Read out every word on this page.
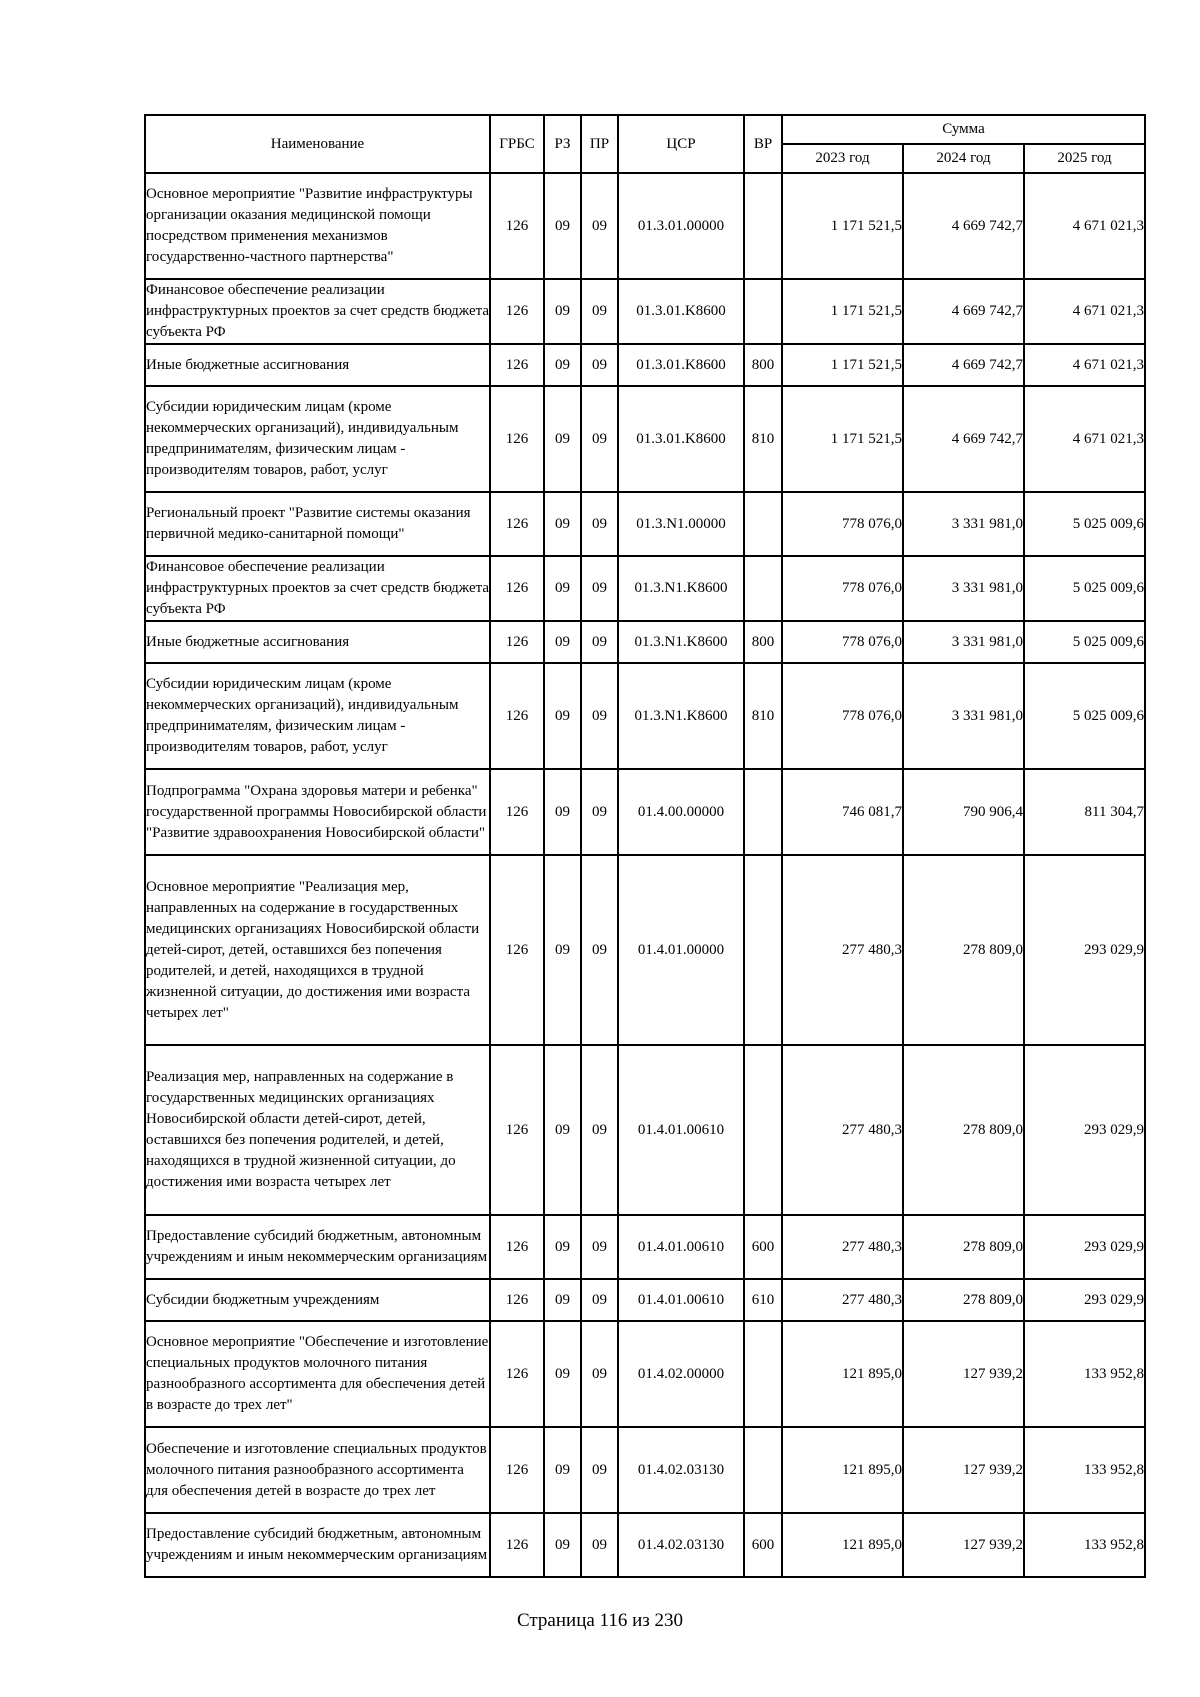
Наименование	ГРБС	РЗ	ПР	ЦСР	ВР	Сумма		
						2023 год	2024 год	2025 год
Основное мероприятие "Развитие инфраструктуры организации оказания медицинской помощи посредством применения механизмов государственно-частного партнерства"	126	09	09	01.3.01.00000		1 171 521,5	4 669 742,7	4 671 021,3
Финансовое обеспечение реализации инфраструктурных проектов за счет средств бюджета субъекта РФ	126	09	09	01.3.01.K8600		1 171 521,5	4 669 742,7	4 671 021,3
Иные бюджетные ассигнования	126	09	09	01.3.01.K8600	800	1 171 521,5	4 669 742,7	4 671 021,3
Субсидии юридическим лицам (кроме некоммерческих организаций), индивидуальным предпринимателям, физическим лицам - производителям товаров, работ, услуг	126	09	09	01.3.01.K8600	810	1 171 521,5	4 669 742,7	4 671 021,3
Региональный проект "Развитие системы оказания первичной медико-санитарной помощи"	126	09	09	01.3.N1.00000		778 076,0	3 331 981,0	5 025 009,6
Финансовое обеспечение реализации инфраструктурных проектов за счет средств бюджета субъекта РФ	126	09	09	01.3.N1.K8600		778 076,0	3 331 981,0	5 025 009,6
Иные бюджетные ассигнования	126	09	09	01.3.N1.K8600	800	778 076,0	3 331 981,0	5 025 009,6
Субсидии юридическим лицам (кроме некоммерческих организаций), индивидуальным предпринимателям, физическим лицам - производителям товаров, работ, услуг	126	09	09	01.3.N1.K8600	810	778 076,0	3 331 981,0	5 025 009,6
Подпрограмма "Охрана здоровья матери и ребенка" государственной программы Новосибирской области "Развитие здравоохранения Новосибирской области"	126	09	09	01.4.00.00000		746 081,7	790 906,4	811 304,7
Основное мероприятие "Реализация мер, направленных на содержание в государственных медицинских организациях Новосибирской области детей-сирот, детей, оставшихся без попечения родителей, и детей, находящихся в трудной жизненной ситуации, до достижения ими возраста четырех лет"	126	09	09	01.4.01.00000		277 480,3	278 809,0	293 029,9
Реализация мер, направленных на содержание в государственных медицинских организациях Новосибирской области детей-сирот, детей, оставшихся без попечения родителей, и детей, находящихся в трудной жизненной ситуации, до достижения ими возраста четырех лет	126	09	09	01.4.01.00610		277 480,3	278 809,0	293 029,9
Предоставление субсидий бюджетным, автономным учреждениям и иным некоммерческим организациям	126	09	09	01.4.01.00610	600	277 480,3	278 809,0	293 029,9
Субсидии бюджетным учреждениям	126	09	09	01.4.01.00610	610	277 480,3	278 809,0	293 029,9
Основное мероприятие "Обеспечение и изготовление специальных продуктов молочного питания разнообразного ассортимента для обеспечения детей в возрасте до трех лет"	126	09	09	01.4.02.00000		121 895,0	127 939,2	133 952,8
Обеспечение и изготовление специальных продуктов молочного питания разнообразного ассортимента для обеспечения детей в возрасте до трех лет	126	09	09	01.4.02.03130		121 895,0	127 939,2	133 952,8
Предоставление субсидий бюджетным, автономным учреждениям и иным некоммерческим организациям	126	09	09	01.4.02.03130	600	121 895,0	127 939,2	133 952,8
Страница 116 из 230
